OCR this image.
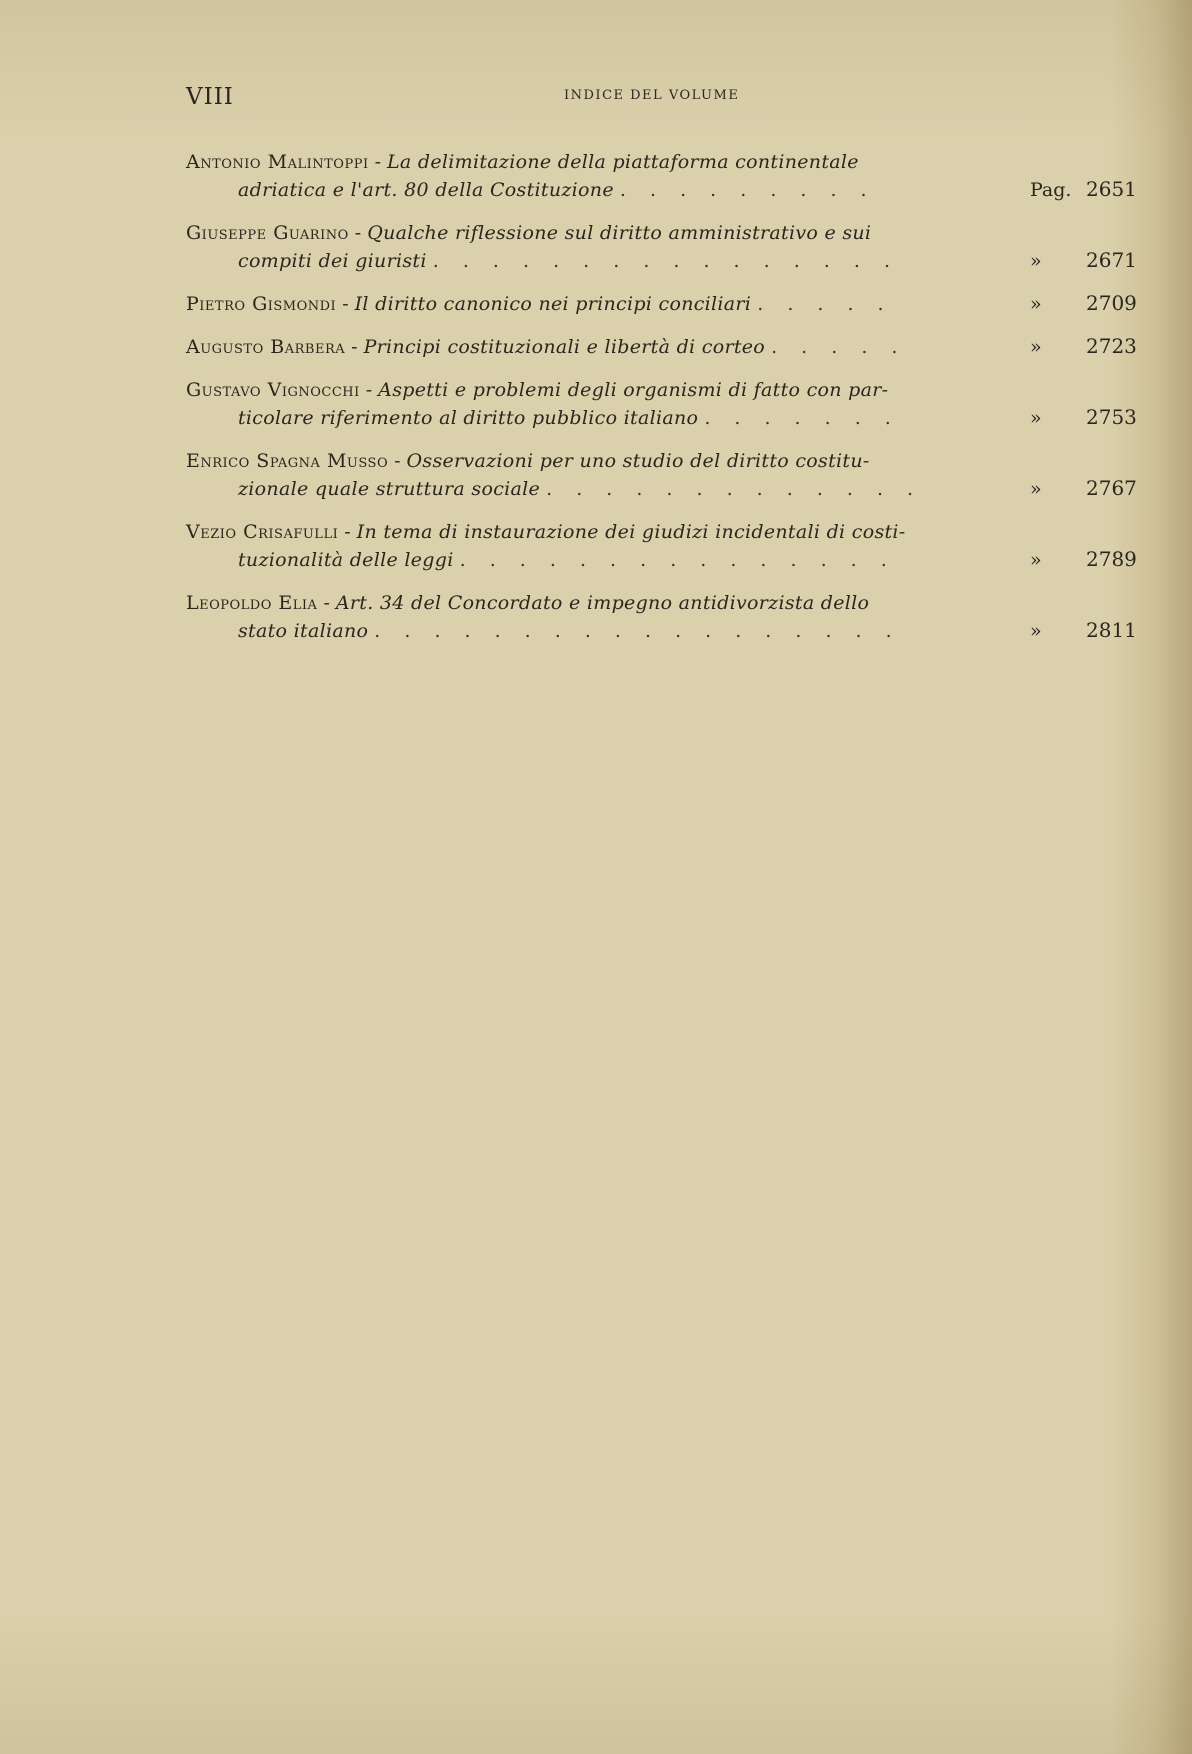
VIII	INDICE DEL VOLUME
Antonio Malintoppi - La delimitazione della piattaforma continentale
adriatica e l'art. 80 della Costituzione . . . . . . . . .	Pag. 2651
Giuseppe Guarino - Qualche riflessione sul diritto amministrativo e sui
compiti dei giuristi . . . . . . . . . . . . . . . .	» 2671
Pietro Gismondi - Il diritto canonico nei principi conciliari . . . . .	» 2709
Augusto Barbera - Principi costituzionali e libertà di corteo . . . . .	» 2723
Gustavo Vignocchi - Aspetti e problemi degli organismi di fatto con par-
ticolare riferimento al diritto pubblico italiano . . . . . . .	» 2753
Enrico Spagna Musso - Osservazioni per uno studio del diritto costitu-
zionale quale struttura sociale . . . . . . . . . . . . .	» 2767
Vezio Crisafulli - In tema di instaurazione dei giudizi incidentali di costi-
tuzionalità delle leggi . . . . . . . . . . . . . . .	» 2789
Leopoldo Elia - Art. 34 del Concordato e impegno antidivorzista dello
stato italiano . . . . . . . . . . . . . . . . . .	» 2811
